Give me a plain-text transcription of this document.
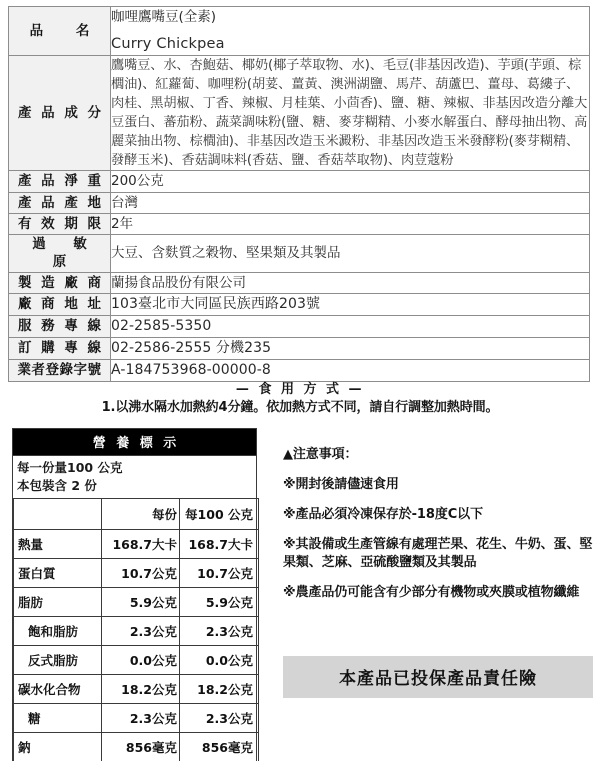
品 名	咖哩鷹嘴豆(全素)
Curry Chickpea

產 品 成 分	鷹嘴豆、水、杏鮑菇、椰奶(椰子萃取物、水)、毛豆(非基因改造)、芋頭(芋頭、棕櫚油)、紅蘿蔔、咖哩粉(胡荽、薑黃、澳洲湖鹽、馬芹、葫蘆巴、薑母、葛縷子、肉桂、黑胡椒、丁香、辣椒、月桂葉、小茴香)、鹽、糖、辣椒、非基因改造分離大豆蛋白、蕃茄粉、蔬菜調味粉(鹽、糖、麥芽糊精、小麥水解蛋白、酵母抽出物、高麗菜抽出物、棕櫚油)、非基因改造玉米澱粉、非基因改造玉米發酵粉(麥芽糊精、發酵玉米)、香菇調味料(香菇、鹽、香菇萃取物)、肉荳蔻粉
產 品 淨 重	200公克
產 品 產 地	台灣
有 效 期 限	2年
過　敏　原	大豆、含麩質之穀物、堅果類及其製品
製 造 廠 商	蘭揚食品股份有限公司
廠 商 地 址	103臺北市大同區民族西路203號
服 務 專 線	02-2585-5350
訂 購 專 線	02-2586-2555 分機235
業者登錄字號	A-184753968-00000-8
— 食 用 方 式 —
1.以沸水隔水加熱約4分鐘。依加熱方式不同，請自行調整加熱時間。
營 養 標 示
每一份量100 公克
本包裝含 2 份
	每份	每100 公克
熱量	168.7大卡	168.7大卡
蛋白質	10.7公克	10.7公克
脂肪	5.9公克	5.9公克
飽和脂肪	2.3公克	2.3公克
反式脂肪	0.0公克	0.0公克
碳水化合物	18.2公克	18.2公克
糖	2.3公克	2.3公克
鈉	856毫克	856毫克
▲注意事項：
※開封後請儘速食用
※產品必須冷凍保存於-18度C以下
※其設備或生產管線有處理芒果、花生、牛奶、蛋、堅果類、芝麻、亞硫酸鹽類及其製品
※農產品仍可能含有少部分有機物或夾膜或植物纖維
本產品已投保產品責任險
